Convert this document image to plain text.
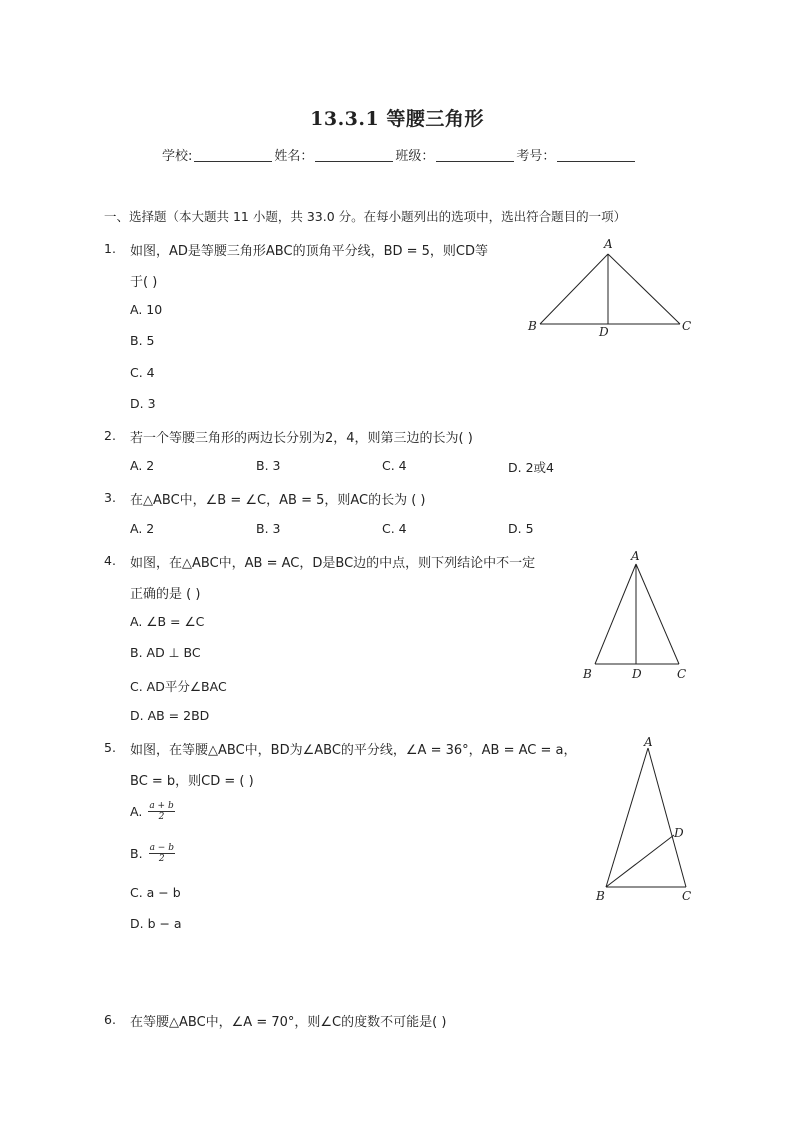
13.3.1 等腰三角形
学校:	姓名：	班级：	考号：
一、选择题（本大题共 11 小题，共 33.0 分。在每小题列出的选项中，选出符合题目的一项）
1. 如图，AD是等腰三角形ABC的顶角平分线，BD = 5，则CD等
于( )
A. 10
B. 5
C. 4
D. 3
A
B	D	C
2. 若一个等腰三角形的两边长分别为2，4，则第三边的长为( )
A. 2	B. 3	C. 4	D. 2或4
3. 在△ABC中，∠B = ∠C，AB = 5，则AC的长为 ( )
A. 2	B. 3	C. 4	D. 5
4. 如图，在△ABC中，AB = AC，D是BC边的中点，则下列结论中不一定
正确的是 ( )
A. ∠B = ∠C
B. AD ⊥ BC
C. AD平分∠BAC
D. AB = 2BD
A
B	D	C
5. 如图，在等腰△ABC中，BD为∠ABC的平分线，∠A = 36°，AB = AC = a，
BC = b，则CD = ( )
A. $\frac{a + b}{2}$
B. $\frac{a - b}{2}$
C. a − b
D. b − a
A
D
B	C
6. 在等腰△ABC中，∠A = 70°，则∠C的度数不可能是( )
